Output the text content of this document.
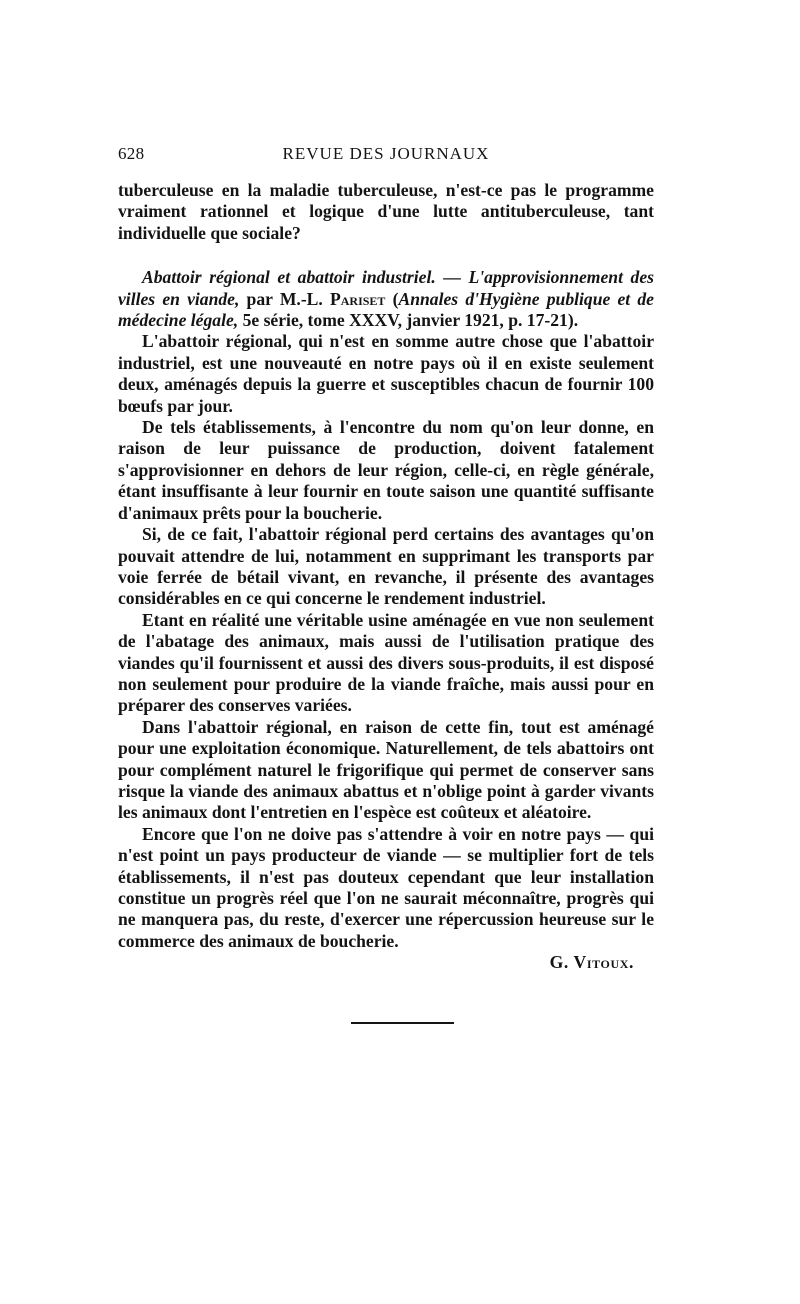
628	REVUE DES JOURNAUX

tuberculeuse en la maladie tuberculeuse, n'est-ce pas le programme vraiment rationnel et logique d'une lutte antituberculeuse, tant individuelle que sociale?

Abattoir régional et abattoir industriel. — L'approvisionnement des villes en viande, par M.-L. Pariset (Annales d'Hygiène publique et de médecine légale, 5e série, tome XXXV, janvier 1921, p. 17-21).

L'abattoir régional, qui n'est en somme autre chose que l'abattoir industriel, est une nouveauté en notre pays où il en existe seulement deux, aménagés depuis la guerre et susceptibles chacun de fournir 100 bœufs par jour.

De tels établissements, à l'encontre du nom qu'on leur donne, en raison de leur puissance de production, doivent fatalement s'approvisionner en dehors de leur région, celle-ci, en règle générale, étant insuffisante à leur fournir en toute saison une quantité suffisante d'animaux prêts pour la boucherie.

Si, de ce fait, l'abattoir régional perd certains des avantages qu'on pouvait attendre de lui, notamment en supprimant les transports par voie ferrée de bétail vivant, en revanche, il présente des avantages considérables en ce qui concerne le rendement industriel.

Etant en réalité une véritable usine aménagée en vue non seulement de l'abatage des animaux, mais aussi de l'utilisation pratique des viandes qu'il fournissent et aussi des divers sous-produits, il est disposé non seulement pour produire de la viande fraîche, mais aussi pour en préparer des conserves variées.

Dans l'abattoir régional, en raison de cette fin, tout est aménagé pour une exploitation économique. Naturellement, de tels abattoirs ont pour complément naturel le frigorifique qui permet de conserver sans risque la viande des animaux abattus et n'oblige point à garder vivants les animaux dont l'entretien en l'espèce est coûteux et aléatoire.

Encore que l'on ne doive pas s'attendre à voir en notre pays — qui n'est point un pays producteur de viande — se multiplier fort de tels établissements, il n'est pas douteux cependant que leur installation constitue un progrès réel que l'on ne saurait méconnaître, progrès qui ne manquera pas, du reste, d'exercer une répercussion heureuse sur le commerce des animaux de boucherie.

G. Vitoux.
